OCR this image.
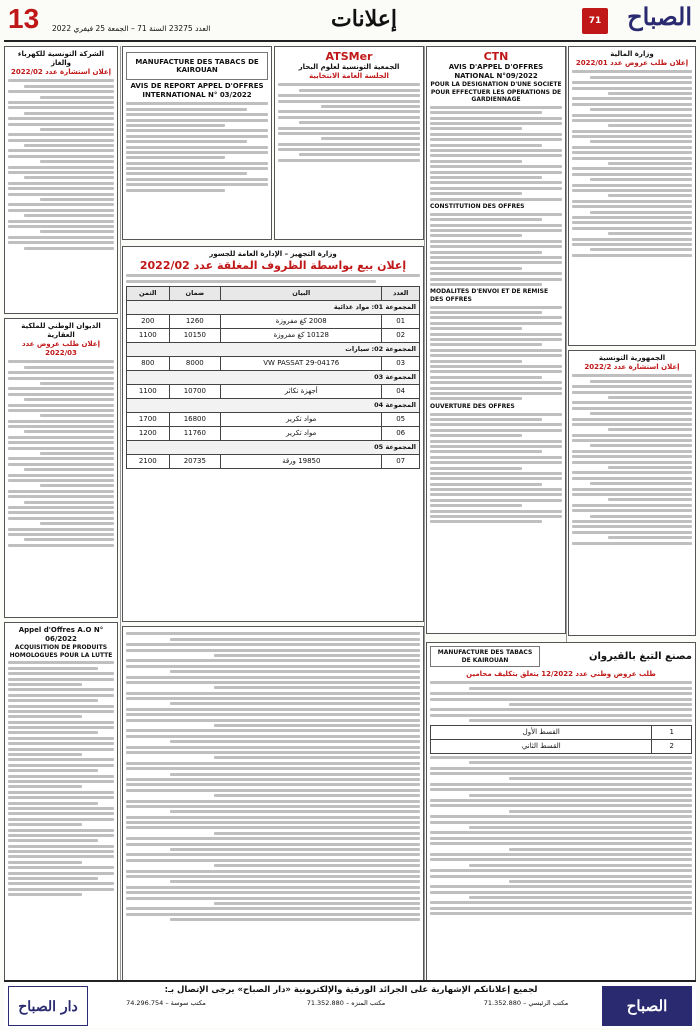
13 العدد 23275 السنة 71 – الجمعة 25 فيفري 2022	إعلانات	71	الصباح
الشركة التونسية للكهرباء والغاز
إعلان استشارة عدد 2022/02
الديوان الوطني للملكية العقارية
إعلان طلب عروض عدد 2022/03
Appel d'Offres A.O N° 06/2022
ACQUISITION DE PRODUITS HOMOLOGUES POUR LA LUTTE
MANUFACTURE DES TABACS DE KAIROUAN
AVIS DE REPORT APPEL D'OFFRES INTERNATIONAL N° 03/2022
ATSMer
الجمعية التونسية لعلوم البحار
الجلسة العامة الانتخابية
وزارة التجهيز – الإدارة العامة للجسور
إعلان بيع بواسطة الظروف المغلقة عدد 2022/02
العدد	البيان	ضمان	الثمن
المجموعة 01: مواد غذائية			
01	2008 كغ مفروزة	1260	200
02	10128 كغ مفروزة	10150	1100
المجموعة 02: سيارات			
03	VW PASSAT 29-04176	8000	800
المجموعة 03			
04	أجهزة تكاثر	10700	1100
المجموعة 04			
05	مواد تكرير	16800	1700
06	مواد تكرير	11760	1200
المجموعة 05			
07	19850 ورقة	20735	2100
CTN
AVIS D'APPEL D'OFFRES NATIONAL N°09/2022
POUR LA DESIGNATION D'UNE SOCIETE POUR EFFECTUER LES OPERATIONS DE GARDIENNAGE
CONSTITUTION DES OFFRES
MODALITES D'ENVOI ET DE REMISE DES OFFRES
OUVERTURE DES OFFRES
وزارة المالية
إعلان طلب عروض عدد 2022/01
الجمهورية التونسية
إعلان استشارة عدد 2022/2
مصنع التبغ بالقيروان
MANUFACTURE DES TABACS DE KAIROUAN
طلب عروض وطني عدد 12/2022 يتعلق بتكليف محامين
1	القسط الأول
2	القسط الثاني
الصباح
لجميع إعلاناتكم الإشهارية على الجرائد الورقية والإلكترونية «دار الصباح» يرجى الإتصال بـ:
مكتب الرئيسي – 71.352.880
مكتب المنزه – 71.352.880
مكتب سوسة – 74.296.754
دار الصباح
